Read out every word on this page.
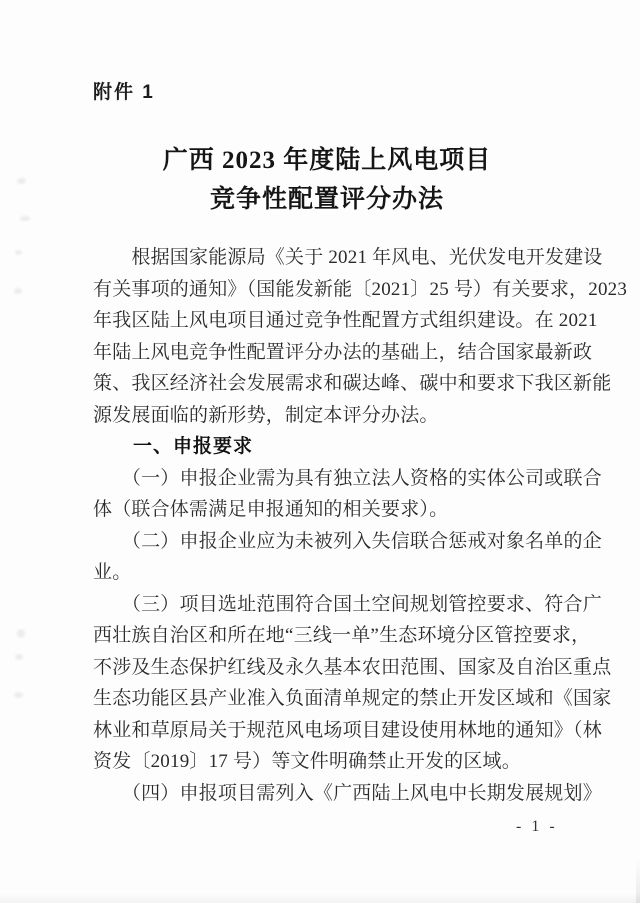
附件 1
广西 2023 年度陆上风电项目
竞争性配置评分办法
　　根据国家能源局《关于 2021 年风电、光伏发电开发建设
有关事项的通知》（国能发新能〔2021〕25 号）有关要求，2023
年我区陆上风电项目通过竞争性配置方式组织建设。在 2021
年陆上风电竞争性配置评分办法的基础上，结合国家最新政
策、我区经济社会发展需求和碳达峰、碳中和要求下我区新能
源发展面临的新形势，制定本评分办法。
　　一、申报要求
　　（一）申报企业需为具有独立法人资格的实体公司或联合
体（联合体需满足申报通知的相关要求）。
　　（二）申报企业应为未被列入失信联合惩戒对象名单的企
业。
　　（三）项目选址范围符合国土空间规划管控要求、符合广
西壮族自治区和所在地“三线一单”生态环境分区管控要求，
不涉及生态保护红线及永久基本农田范围、国家及自治区重点
生态功能区县产业准入负面清单规定的禁止开发区域和《国家
林业和草原局关于规范风电场项目建设使用林地的通知》（林
资发〔2019〕17 号）等文件明确禁止开发的区域。
　　（四）申报项目需列入《广西陆上风电中长期发展规划》
- 1 -
